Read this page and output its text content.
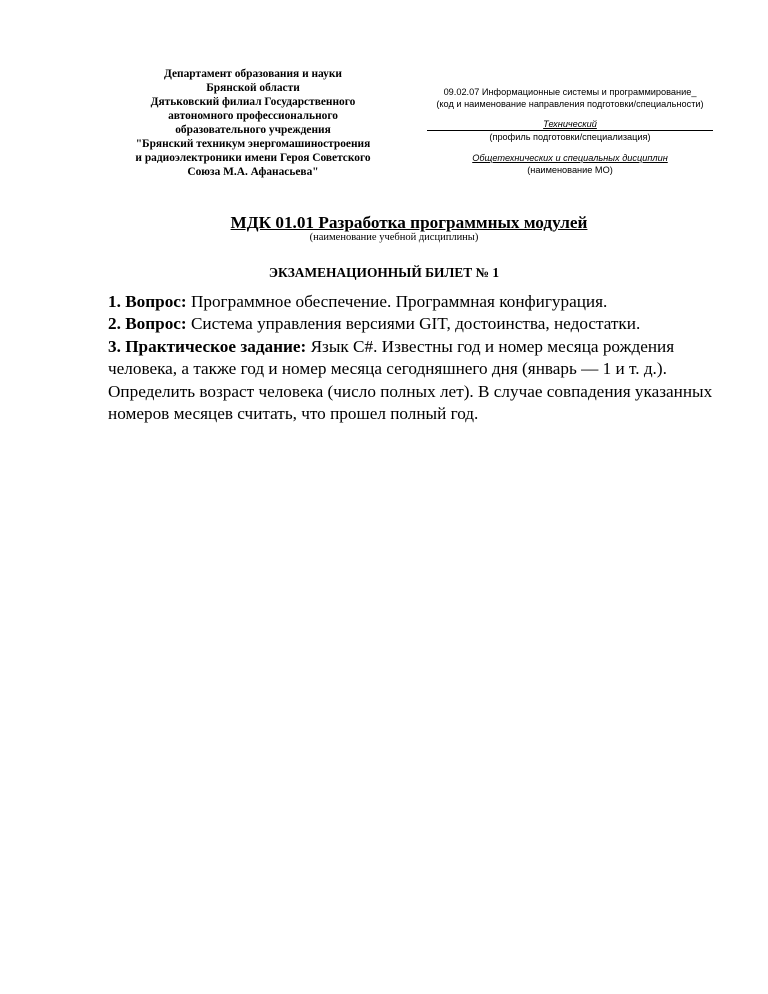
Департамент образования и науки
Брянской области
Дятьковский филиал Государственного
автономного профессионального
образовательного учреждения
"Брянский техникум энергомашиностроения
и радиоэлектроники имени Героя Советского
Союза М.А. Афанасьева"
09.02.07 Информационные системы и программирование_
(код и наименование направления подготовки/специальности)
Технический
(профиль подготовки/специализация)
Общетехнических и специальных дисциплин
(наименование МО)
МДК 01.01 Разработка программных модулей
(наименование учебной дисциплины)
ЭКЗАМЕНАЦИОННЫЙ БИЛЕТ № 1

1. Вопрос: Программное обеспечение. Программная конфигурация.

2. Вопрос: Система управления версиями GIT, достоинства, недостатки.

3. Практическое задание: Язык C#. Известны год и номер месяца рождения человека, а также год и номер месяца сегодняшнего дня (январь — 1 и т. д.). Определить возраст человека (число полных лет). В случае совпадения указанных номеров месяцев считать, что прошел полный год.
